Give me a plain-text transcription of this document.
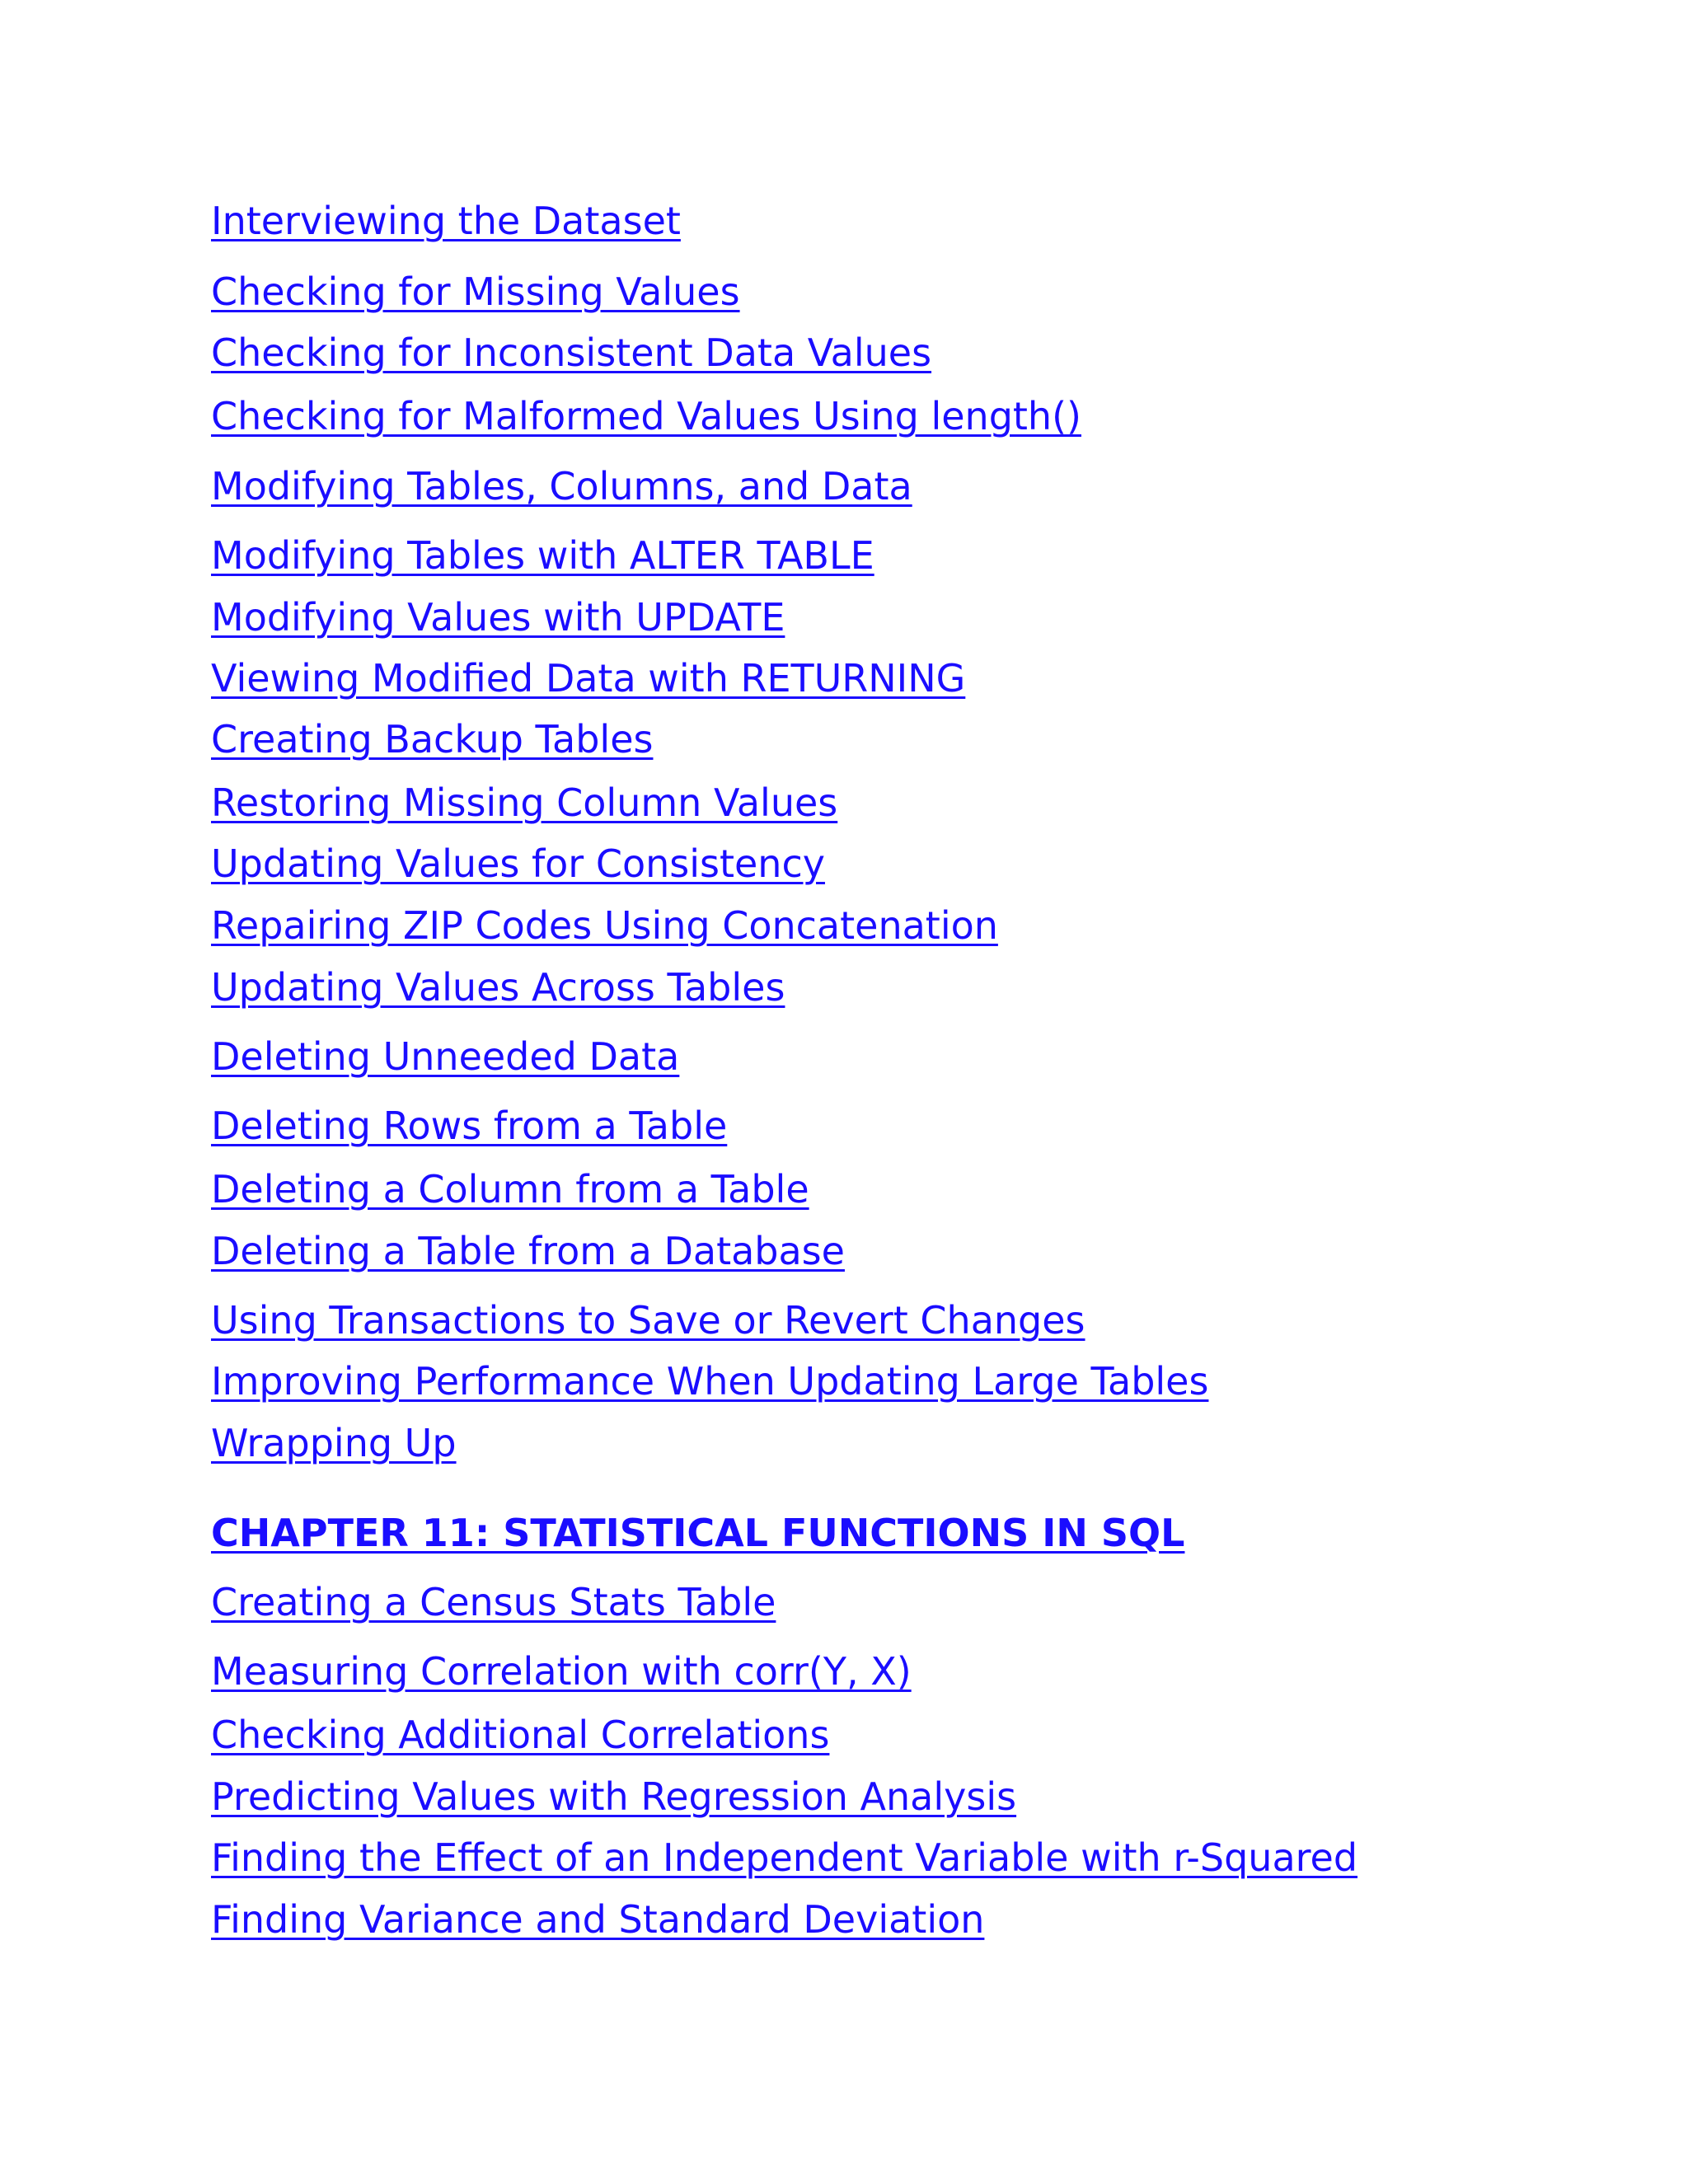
Interviewing the Dataset
Checking for Missing Values
Checking for Inconsistent Data Values
Checking for Malformed Values Using length()
Modifying Tables, Columns, and Data
Modifying Tables with ALTER TABLE
Modifying Values with UPDATE
Viewing Modified Data with RETURNING
Creating Backup Tables
Restoring Missing Column Values
Updating Values for Consistency
Repairing ZIP Codes Using Concatenation
Updating Values Across Tables
Deleting Unneeded Data
Deleting Rows from a Table
Deleting a Column from a Table
Deleting a Table from a Database
Using Transactions to Save or Revert Changes
Improving Performance When Updating Large Tables
Wrapping Up
CHAPTER 11: STATISTICAL FUNCTIONS IN SQL
Creating a Census Stats Table
Measuring Correlation with corr(Y, X)
Checking Additional Correlations
Predicting Values with Regression Analysis
Finding the Effect of an Independent Variable with r-Squared
Finding Variance and Standard Deviation
